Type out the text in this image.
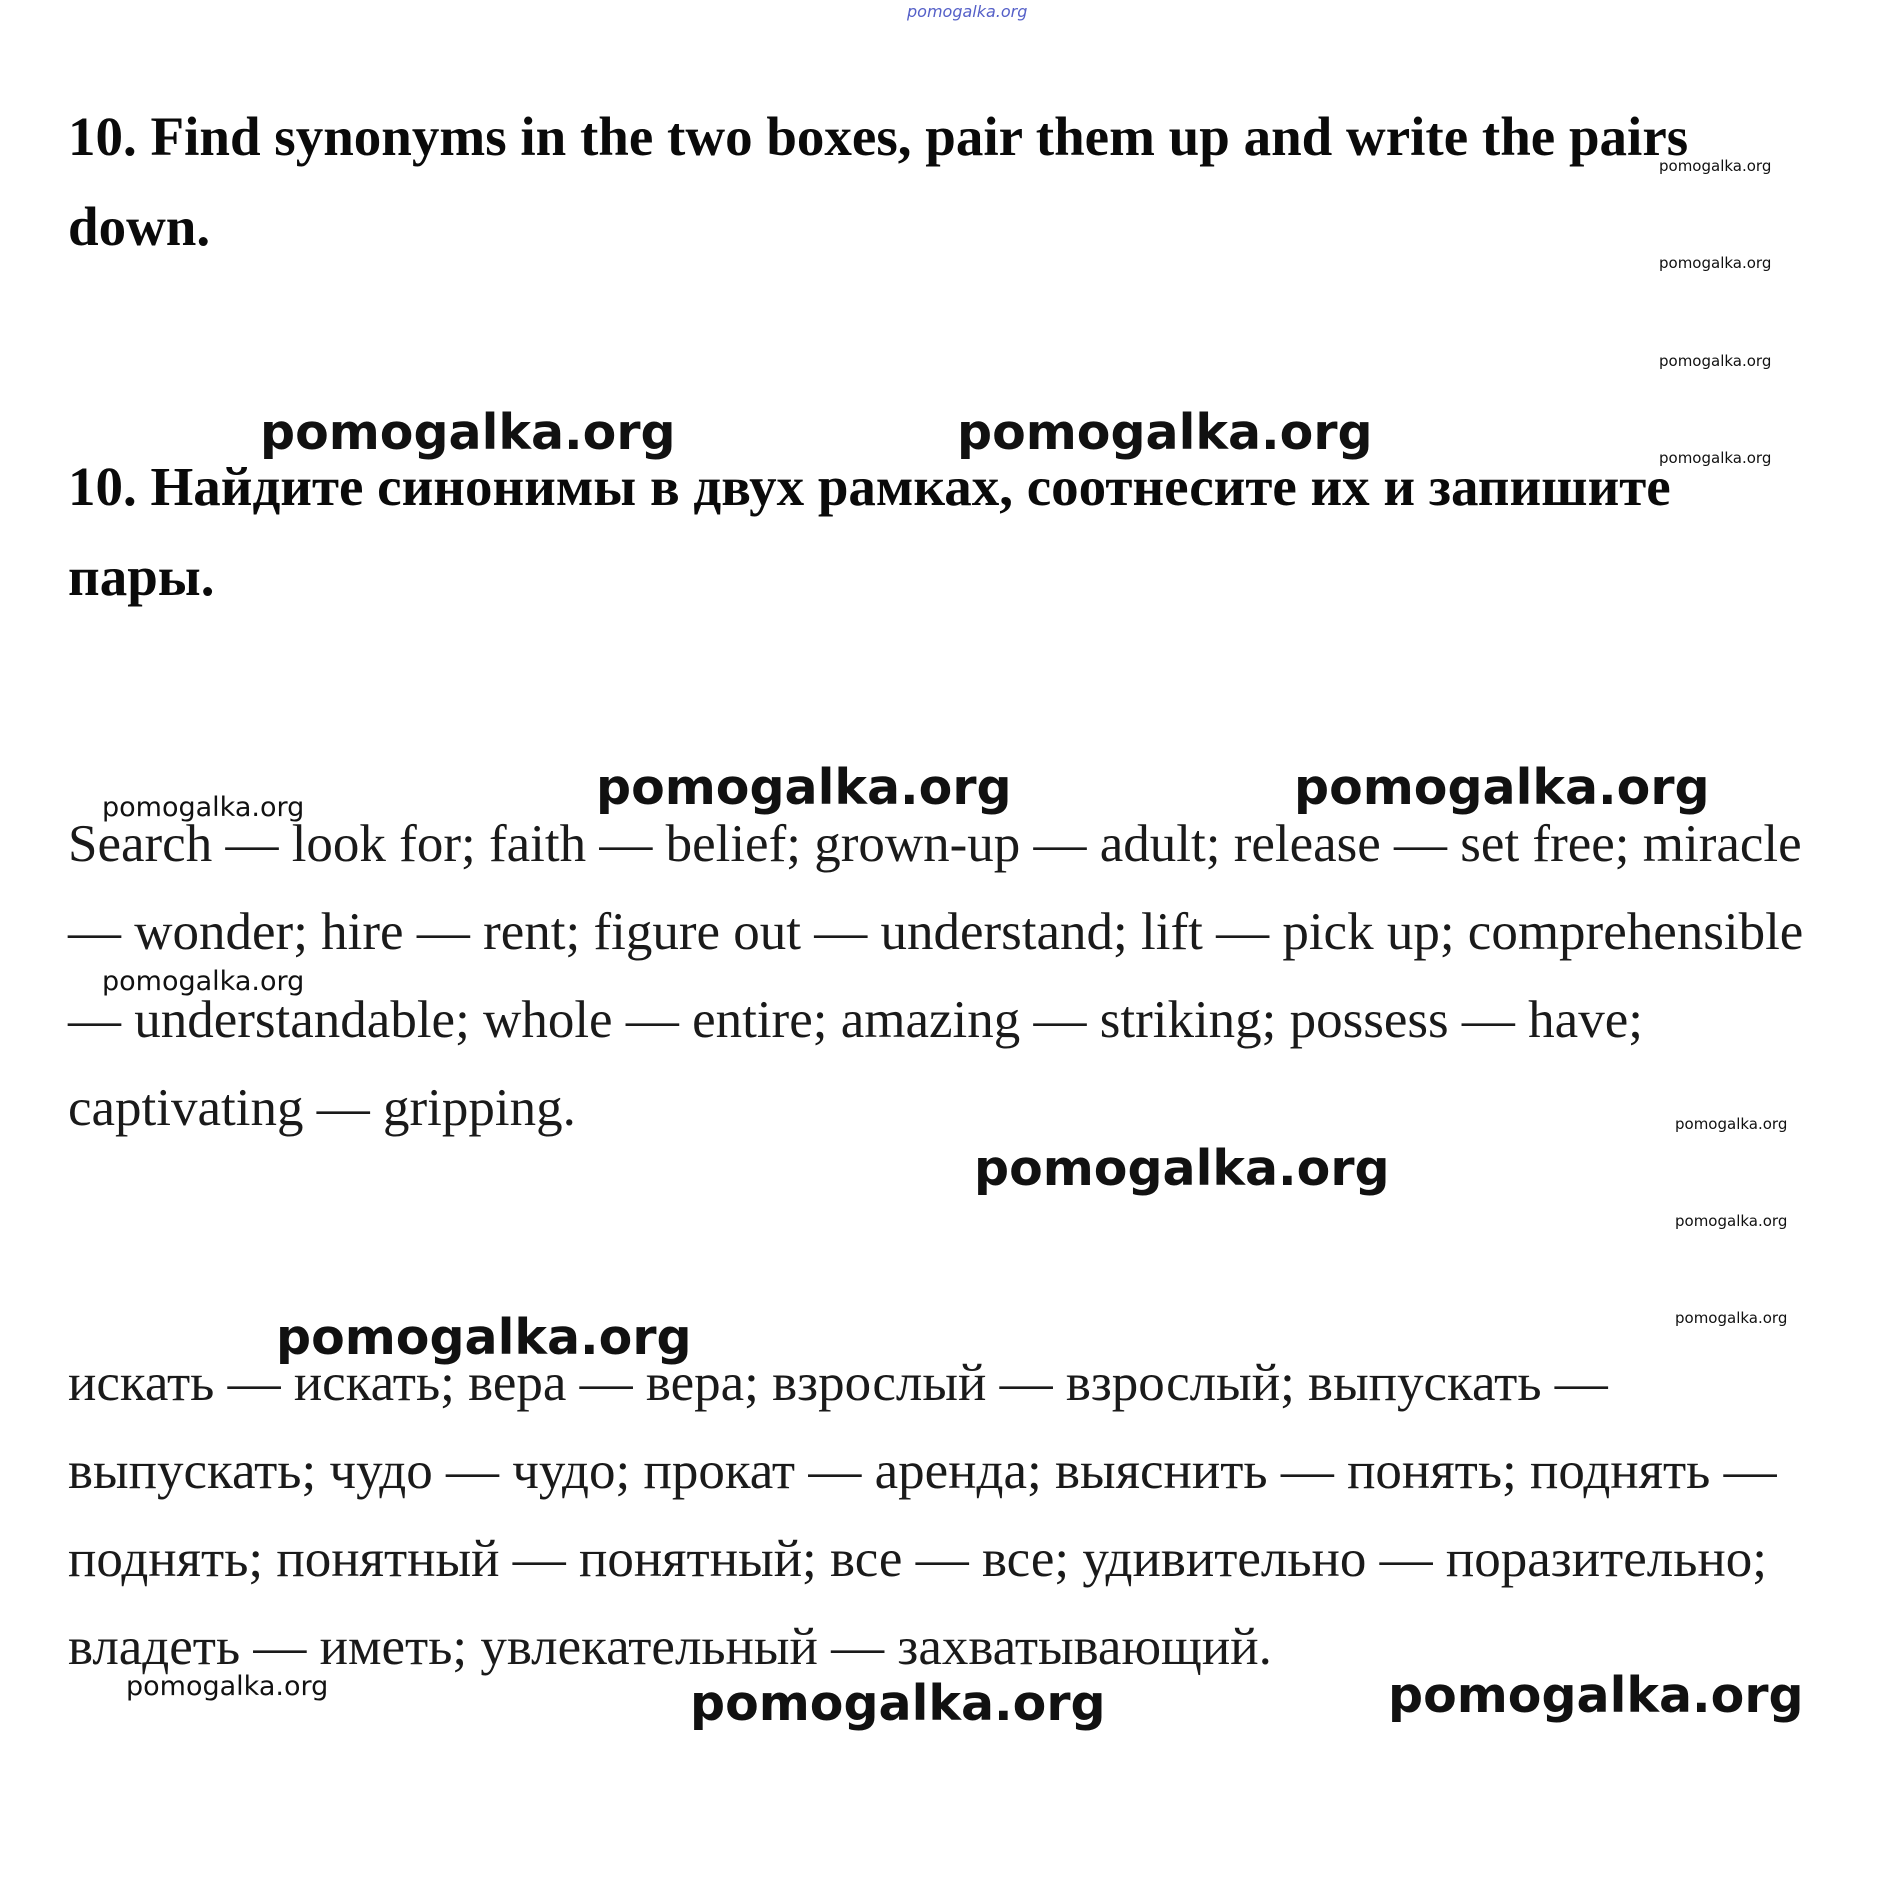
pomogalka.org

10. Find synonyms in the two boxes, pair them up and write the pairs down.

10. Найдите синонимы в двух рамках, соотнесите их и запишите пары.

Search — look for; faith — belief; grown-up — adult; release — set free; miracle — wonder; hire — rent; figure out — understand; lift — pick up; comprehensible — understandable; whole — entire; amazing — striking; possess — have; captivating — gripping.

искать — искать; вера — вера; взрослый — взрослый; выпускать — выпускать; чудо — чудо; прокат — аренда; выяснить — понять; поднять — поднять; понятный — понятный; все — все; удивительно — поразительно; владеть — иметь; увлекательный — захватывающий.

pomogalka.org
pomogalka.org
pomogalka.org
pomogalka.org
pomogalka.org
pomogalka.org
pomogalka.org
pomogalka.org	pomogalka.org
pomogalka.org	pomogalka.org
pomogalka.org
pomogalka.org
pomogalka.org	pomogalka.org
pomogalka.org
pomogalka.org
pomogalka.org
